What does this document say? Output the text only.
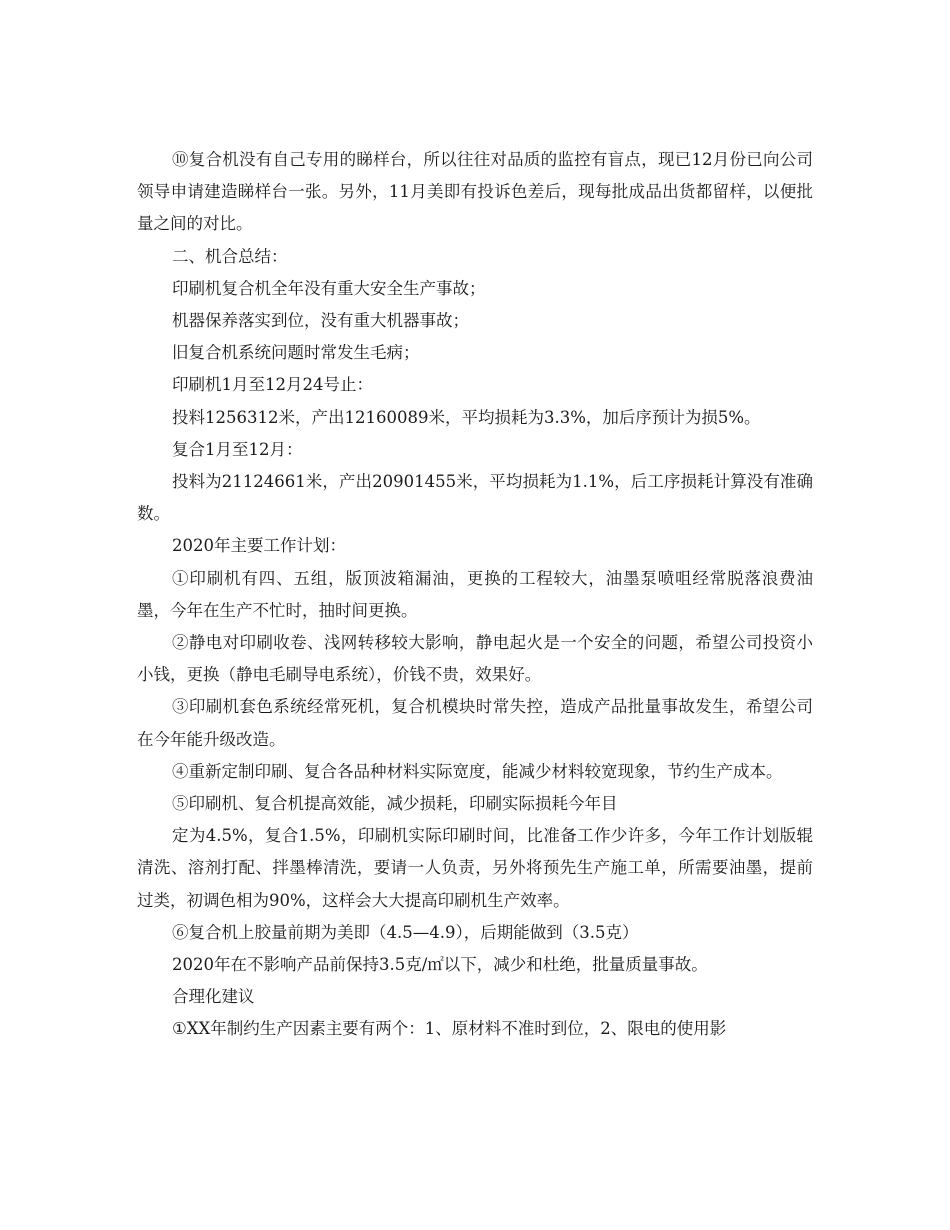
⑩复合机没有自己专用的睇样台，所以往往对品质的监控有盲点，现已12月份已向公司领导申请建造睇样台一张。另外，11月美即有投诉色差后，现每批成品出货都留样，以便批量之间的对比。

二、机合总结：

印刷机复合机全年没有重大安全生产事故；

机器保养落实到位，没有重大机器事故；

旧复合机系统问题时常发生毛病；

印刷机1月至12月24号止：

投料1256312米，产出12160089米，平均损耗为3.3%，加后序预计为损5%。

复合1月至12月：

投料为21124661米，产出20901455米，平均损耗为1.1%，后工序损耗计算没有准确数。

2020年主要工作计划：

①印刷机有四、五组，版顶波箱漏油，更换的工程较大，油墨泵喷咀经常脱落浪费油墨，今年在生产不忙时，抽时间更换。

②静电对印刷收卷、浅网转移较大影响，静电起火是一个安全的问题，希望公司投资小小钱，更换（静电毛刷导电系统），价钱不贵，效果好。

③印刷机套色系统经常死机，复合机模块时常失控，造成产品批量事故发生，希望公司在今年能升级改造。

④重新定制印刷、复合各品种材料实际宽度，能减少材料较宽现象，节约生产成本。

⑤印刷机、复合机提高效能，减少损耗，印刷实际损耗今年目

定为4.5%，复合1.5%，印刷机实际印刷时间，比准备工作少许多，今年工作计划版辊清洗、溶剂打配、拌墨棒清洗，要请一人负责，另外将预先生产施工单，所需要油墨，提前过类，初调色相为90%，这样会大大提高印刷机生产效率。

⑥复合机上胶量前期为美即（4.5—4.9），后期能做到（3.5克）

2020年在不影响产品前保持3.5克/㎡以下，减少和杜绝，批量质量事故。

合理化建议

①XX年制约生产因素主要有两个：1、原材料不准时到位，2、限电的使用影
